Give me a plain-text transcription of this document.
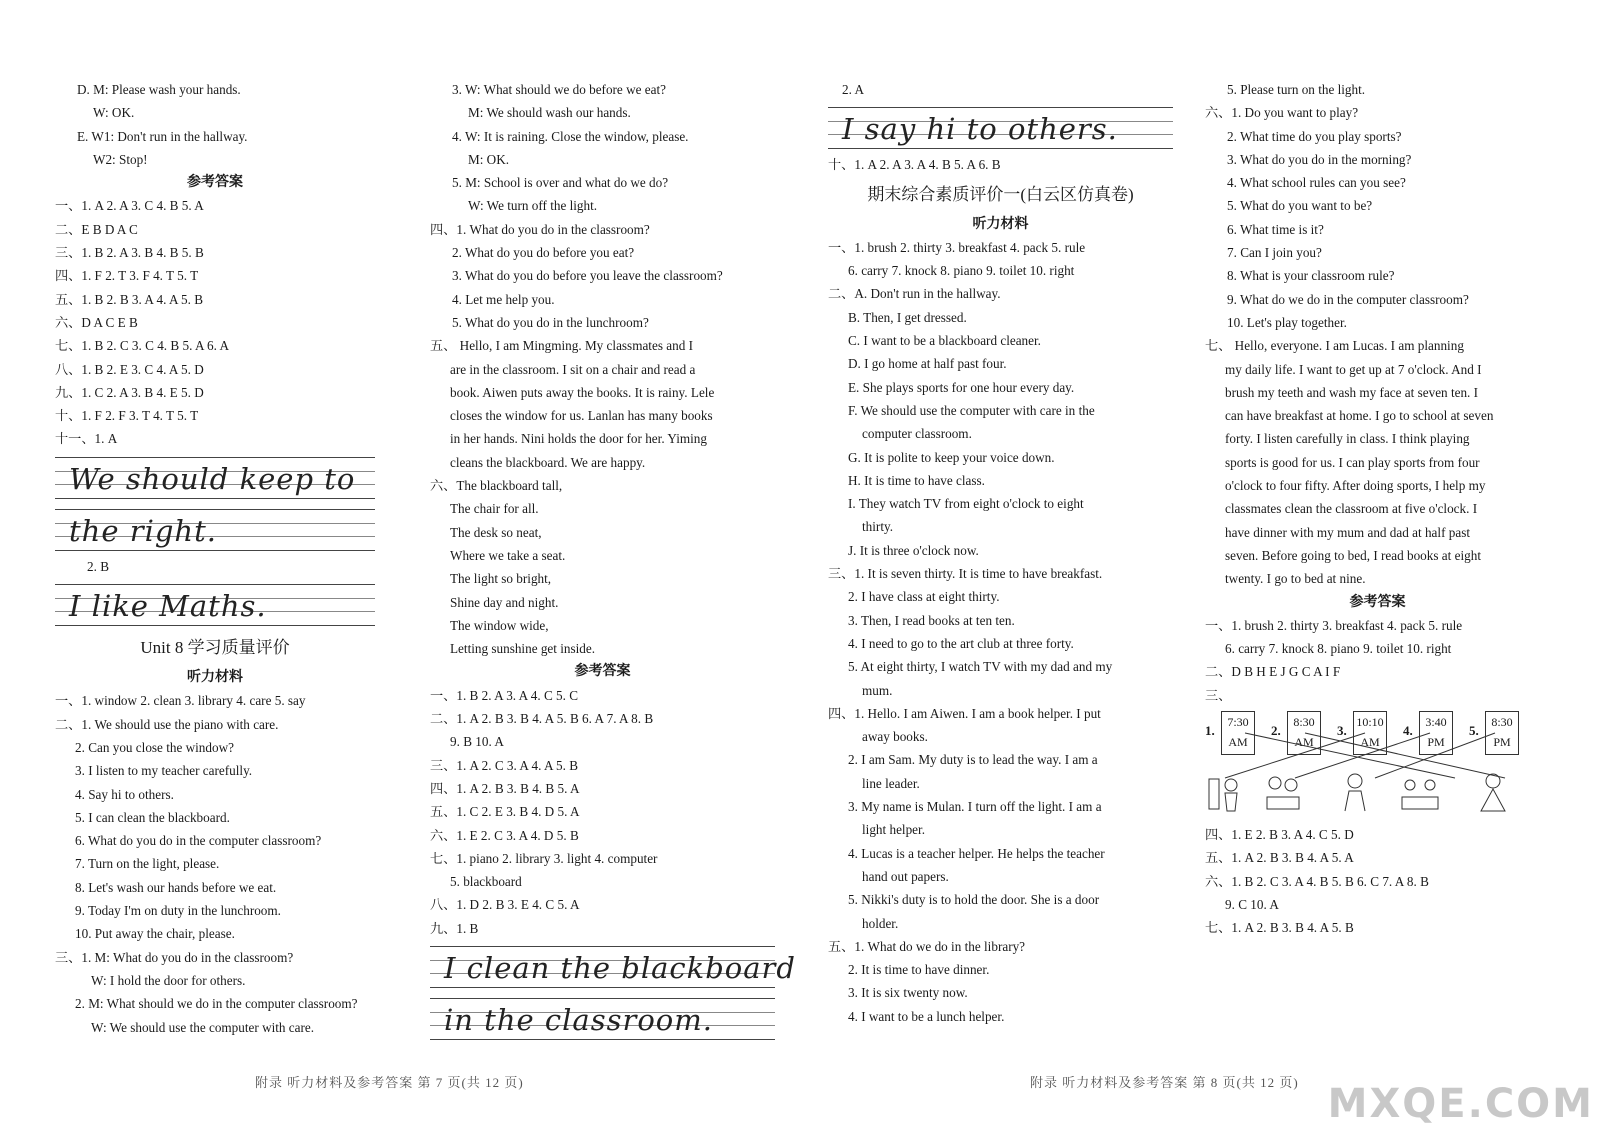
D. M: Please wash your hands.
W: OK.
E. W1: Don't run in the hallway.
W2: Stop!
参考答案
一、1. A 2. A 3. C 4. B 5. A
二、E B D A C
三、1. B 2. A 3. B 4. B 5. B
四、1. F 2. T 3. F 4. T 5. T
五、1. B 2. B 3. A 4. A 5. B
六、D A C E B
七、1. B 2. C 3. C 4. B 5. A 6. A
八、1. B 2. E 3. C 4. A 5. D
九、1. C 2. A 3. B 4. E 5. D
十、1. F 2. F 3. T 4. T 5. T
十一、1. A
We should keep to
the right.
2. B
I like Maths.
Unit 8 学习质量评价
听力材料
一、1. window 2. clean 3. library 4. care 5. say
二、1. We should use the piano with care.
2. Can you close the window?
3. I listen to my teacher carefully.
4. Say hi to others.
5. I can clean the blackboard.
6. What do you do in the computer classroom?
7. Turn on the light, please.
8. Let's wash our hands before we eat.
9. Today I'm on duty in the lunchroom.
10. Put away the chair, please.
三、1. M: What do you do in the classroom?
W: I hold the door for others.
2. M: What should we do in the computer classroom?
W: We should use the computer with care.
3. W: What should we do before we eat?
M: We should wash our hands.
4. W: It is raining. Close the window, please.
M: OK.
5. M: School is over and what do we do?
W: We turn off the light.
四、1. What do you do in the classroom?
2. What do you do before you eat?
3. What do you do before you leave the classroom?
4. Let me help you.
5. What do you do in the lunchroom?
五、 Hello, I am Mingming. My classmates and I
are in the classroom. I sit on a chair and read a
book. Aiwen puts away the books. It is rainy. Lele
closes the window for us. Lanlan has many books
in her hands. Nini holds the door for her. Yiming
cleans the blackboard. We are happy.
六、The blackboard tall,
The chair for all.
The desk so neat,
Where we take a seat.
The light so bright,
Shine day and night.
The window wide,
Letting sunshine get inside.
参考答案
一、1. B 2. A 3. A 4. C 5. C
二、1. A 2. B 3. B 4. A 5. B 6. A 7. A 8. B
9. B 10. A
三、1. A 2. C 3. A 4. A 5. B
四、1. A 2. B 3. B 4. B 5. A
五、1. C 2. E 3. B 4. D 5. A
六、1. E 2. C 3. A 4. D 5. B
七、1. piano 2. library 3. light 4. computer
5. blackboard
八、1. D 2. B 3. E 4. C 5. A
九、1. B
I clean the blackboard
in the classroom.
2. A
I say hi to others.
十、1. A 2. A 3. A 4. B 5. A 6. B
期末综合素质评价一(白云区仿真卷)
听力材料
一、1. brush 2. thirty 3. breakfast 4. pack 5. rule
6. carry 7. knock 8. piano 9. toilet 10. right
二、A. Don't run in the hallway.
B. Then, I get dressed.
C. I want to be a blackboard cleaner.
D. I go home at half past four.
E. She plays sports for one hour every day.
F. We should use the computer with care in the
computer classroom.
G. It is polite to keep your voice down.
H. It is time to have class.
I. They watch TV from eight o'clock to eight
thirty.
J. It is three o'clock now.
三、1. It is seven thirty. It is time to have breakfast.
2. I have class at eight thirty.
3. Then, I read books at ten ten.
4. I need to go to the art club at three forty.
5. At eight thirty, I watch TV with my dad and my
mum.
四、1. Hello. I am Aiwen. I am a book helper. I put
away books.
2. I am Sam. My duty is to lead the way. I am a
line leader.
3. My name is Mulan. I turn off the light. I am a
light helper.
4. Lucas is a teacher helper. He helps the teacher
hand out papers.
5. Nikki's duty is to hold the door. She is a door
holder.
五、1. What do we do in the library?
2. It is time to have dinner.
3. It is six twenty now.
4. I want to be a lunch helper.
5. Please turn on the light.
六、1. Do you want to play?
2. What time do you play sports?
3. What do you do in the morning?
4. What school rules can you see?
5. What do you want to be?
6. What time is it?
7. Can I join you?
8. What is your classroom rule?
9. What do we do in the computer classroom?
10. Let's play together.
七、 Hello, everyone. I am Lucas. I am planning
my daily life. I want to get up at 7 o'clock. And I
brush my teeth and wash my face at seven ten. I
can have breakfast at home. I go to school at seven
forty. I listen carefully in class. I think playing
sports is good for us. I can play sports from four
o'clock to four fifty. After doing sports, I help my
classmates clean the classroom at five o'clock. I
have dinner with my mum and dad at half past
seven. Before going to bed, I read books at eight
twenty. I go to bed at nine.
参考答案
一、1. brush 2. thirty 3. breakfast 4. pack 5. rule
6. carry 7. knock 8. piano 9. toilet 10. right
二、D B H E J G C A I F
三、
1.
7:30
AM
2.
8:30
AM
3.
10:10
AM
4.
3:40
PM
5.
8:30
PM
四、1. E 2. B 3. A 4. C 5. D
五、1. A 2. B 3. B 4. A 5. A
六、1. B 2. C 3. A 4. B 5. B 6. C 7. A 8. B
9. C 10. A
七、1. A 2. B 3. B 4. A 5. B
附录 听力材料及参考答案 第 7 页(共 12 页)	附录 听力材料及参考答案 第 8 页(共 12 页) MXQE.COM
